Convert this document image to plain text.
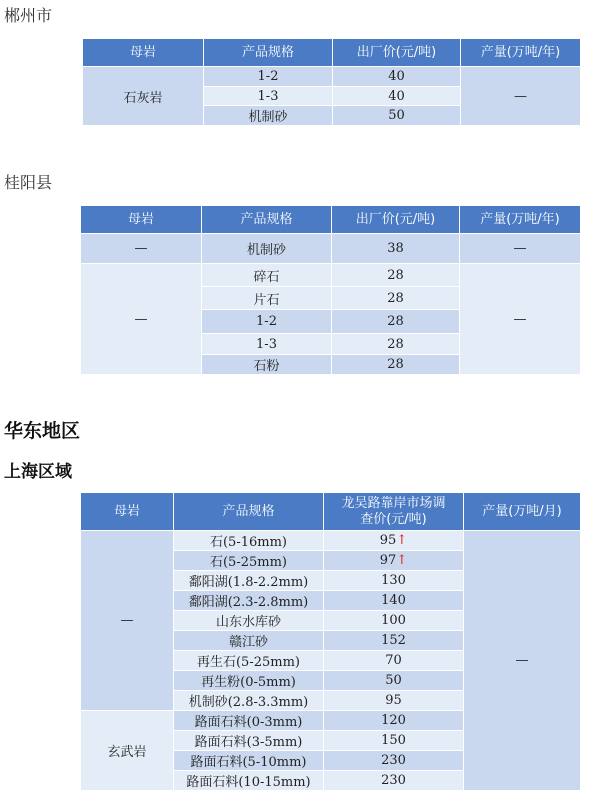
郴州市
母岩	产品规格	出厂价(元/吨)	产量(万吨/年)
石灰岩	1-2	40	—
	1-3	40	
	机制砂	50	
桂阳县
母岩	产品规格	出厂价(元/吨)	产量(万吨/年)
—	机制砂	38	—
—	碎石	28	—
	片石	28	
	1-2	28	
	1-3	28	
	石粉	28	
华东地区
上海区域
母岩	产品规格	龙吴路靠岸市场调查价(元/吨)	产量(万吨/月)
—	石(5-16mm)	95↑	—
	石(5-25mm)	97↑	
	鄱阳湖(1.8-2.2mm)	130	
	鄱阳湖(2.3-2.8mm)	140	
	山东水库砂	100	
	赣江砂	152	
	再生石(5-25mm)	70	
	再生粉(0-5mm)	50	
	机制砂(2.8-3.3mm)	95	
玄武岩	路面石料(0-3mm)	120	
	路面石料(3-5mm)	150	
	路面石料(5-10mm)	230	
	路面石料(10-15mm)	230	
